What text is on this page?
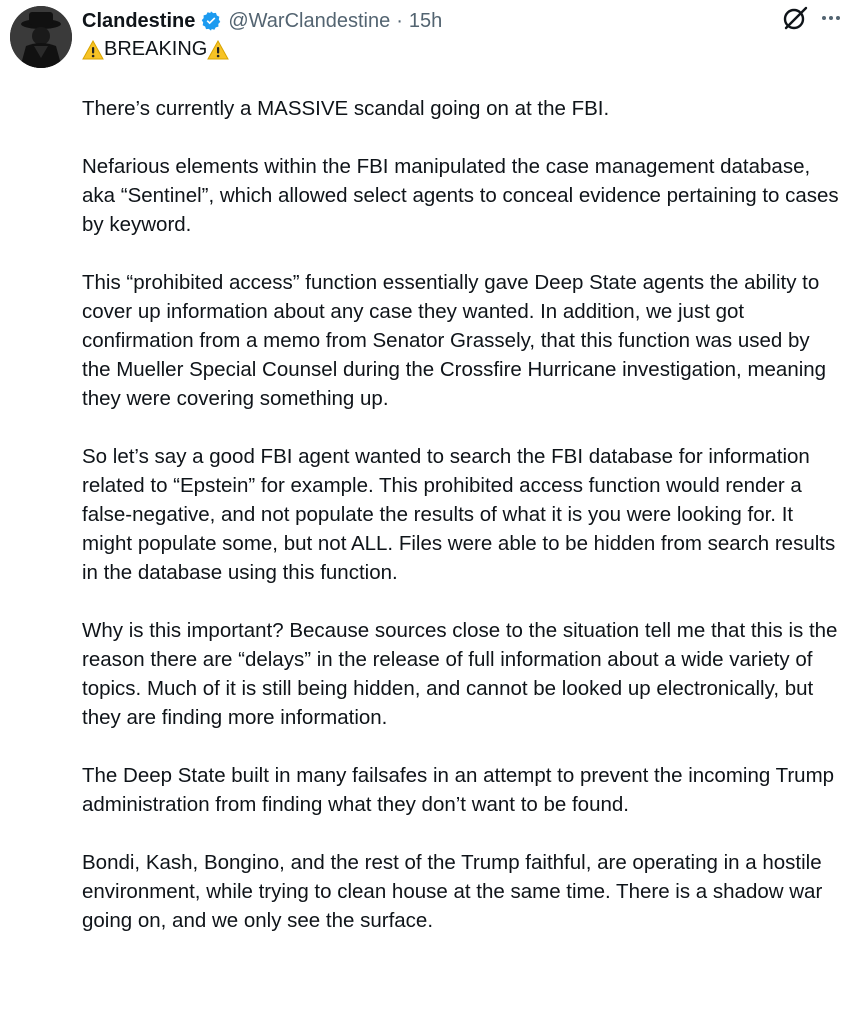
Clandestine @WarClandestine · 15h
BREAKING

There’s currently a MASSIVE scandal going on at the FBI.

Nefarious elements within the FBI manipulated the case management database, aka “Sentinel”, which allowed select agents to conceal evidence pertaining to cases by keyword.

This “prohibited access” function essentially gave Deep State agents the ability to cover up information about any case they wanted. In addition, we just got confirmation from a memo from Senator Grassely, that this function was used by the Mueller Special Counsel during the Crossfire Hurricane investigation, meaning they were covering something up.

So let’s say a good FBI agent wanted to search the FBI database for information related to “Epstein” for example. This prohibited access function would render a false-negative, and not populate the results of what it is you were looking for. It might populate some, but not ALL. Files were able to be hidden from search results in the database using this function.

Why is this important? Because sources close to the situation tell me that this is the reason there are “delays” in the release of full information about a wide variety of topics. Much of it is still being hidden, and cannot be looked up electronically, but they are finding more information.

The Deep State built in many failsafes in an attempt to prevent the incoming Trump administration from finding what they don’t want to be found.

Bondi, Kash, Bongino, and the rest of the Trump faithful, are operating in a hostile environment, while trying to clean house at the same time. There is a shadow war going on, and we only see the surface.
